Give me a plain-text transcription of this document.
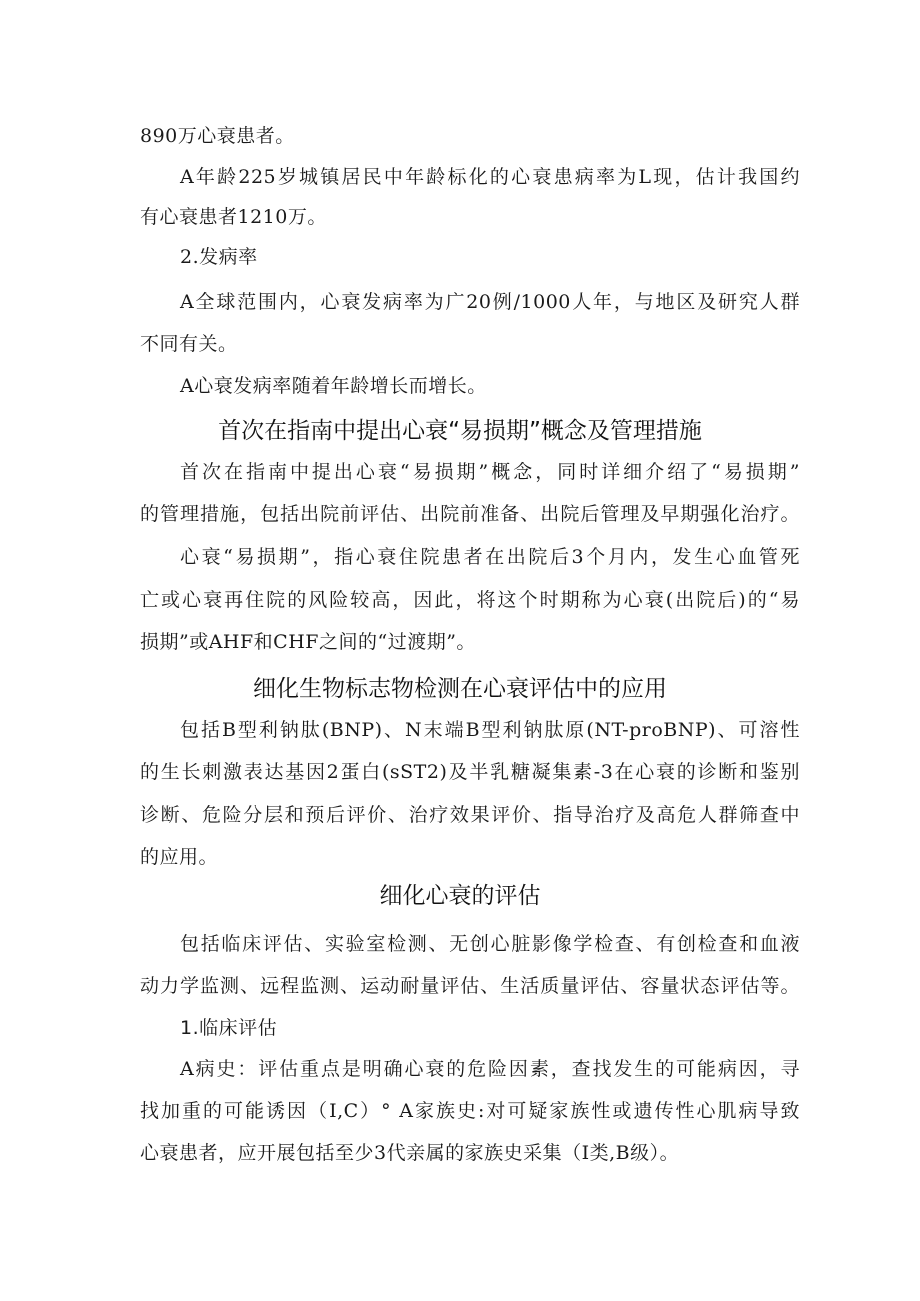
890万心衰患者。
A年龄225岁城镇居民中年龄标化的心衰患病率为L现，估计我国约
有心衰患者1210万。
2.发病率
A全球范围内，心衰发病率为广20例/1000人年，与地区及研究人群
不同有关。
A心衰发病率随着年龄增长而增长。
首次在指南中提出心衰“易损期”概念及管理措施
首次在指南中提出心衰“易损期”概念，同时详细介绍了“易损期”
的管理措施，包括出院前评估、出院前准备、出院后管理及早期强化治疗。
心衰“易损期”，指心衰住院患者在出院后3个月内，发生心血管死
亡或心衰再住院的风险较高，因此，将这个时期称为心衰(出院后)的“易
损期”或AHF和CHF之间的“过渡期”。
细化生物标志物检测在心衰评估中的应用
包括B型利钠肽(BNP)、N末端B型利钠肽原(NT-proBNP)、可溶性
的生长刺激表达基因2蛋白(sST2)及半乳糖凝集素-3在心衰的诊断和鉴别
诊断、危险分层和预后评价、治疗效果评价、指导治疗及高危人群筛查中
的应用。
细化心衰的评估
包括临床评估、实验室检测、无创心脏影像学检查、有创检查和血液
动力学监测、远程监测、运动耐量评估、生活质量评估、容量状态评估等。
1.临床评估
A病史：评估重点是明确心衰的危险因素，查找发生的可能病因，寻
找加重的可能诱因（I,C）° A家族史:对可疑家族性或遗传性心肌病导致
心衰患者，应开展包括至少3代亲属的家族史采集（I类,B级）。
